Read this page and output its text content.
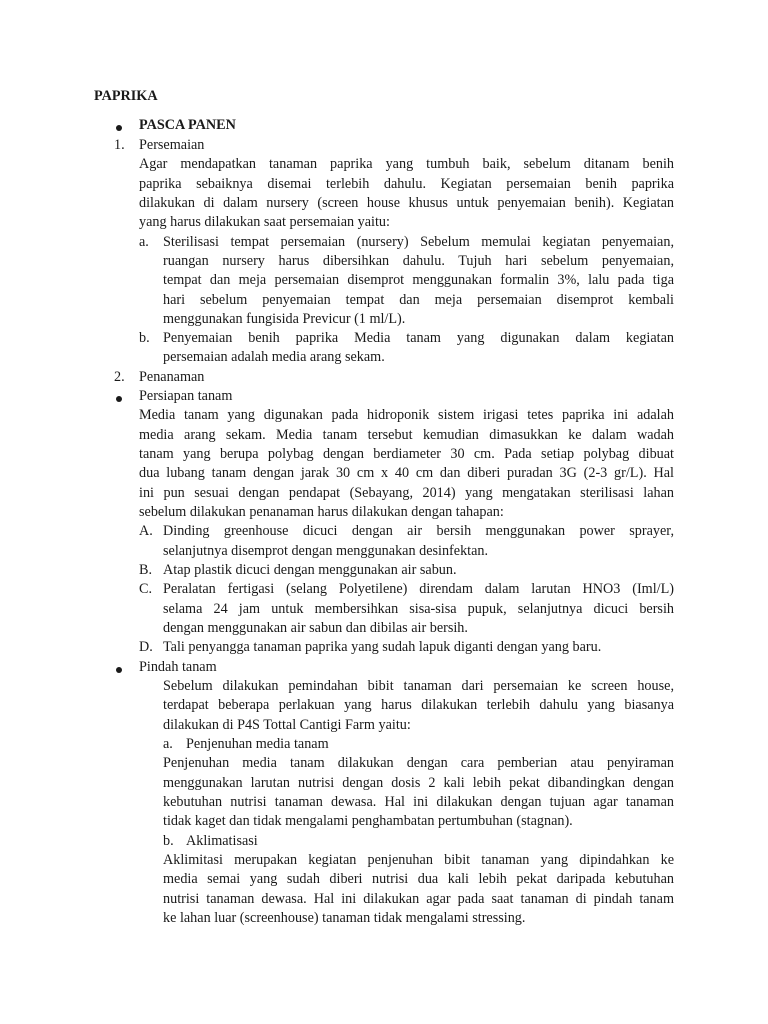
PAPRIKA
PASCA PANEN
1. Persemaian
Agar mendapatkan tanaman paprika yang tumbuh baik, sebelum ditanam benih
paprika sebaiknya disemai terlebih dahulu. Kegiatan persemaian benih paprika
dilakukan di dalam nursery (screen house khusus untuk penyemaian benih). Kegiatan
yang harus dilakukan saat persemaian yaitu:
a. Sterilisasi tempat persemaian (nursery) Sebelum memulai kegiatan penyemaian,
ruangan nursery harus dibersihkan dahulu. Tujuh hari sebelum penyemaian,
tempat dan meja persemaian disemprot menggunakan formalin 3%, lalu pada tiga
hari sebelum penyemaian tempat dan meja persemaian disemprot kembali
menggunakan fungisida Previcur (1 ml/L).
b. Penyemaian benih paprika Media tanam yang digunakan dalam kegiatan
persemaian adalah media arang sekam.
2. Penanaman
Persiapan tanam
Media tanam yang digunakan pada hidroponik sistem irigasi tetes paprika ini adalah
media arang sekam. Media tanam tersebut kemudian dimasukkan ke dalam wadah
tanam yang berupa polybag dengan berdiameter 30 cm. Pada setiap polybag dibuat
dua lubang tanam dengan jarak 30 cm x 40 cm dan diberi puradan 3G (2-3 gr/L). Hal
ini pun sesuai dengan pendapat (Sebayang, 2014) yang mengatakan sterilisasi lahan
sebelum dilakukan penanaman harus dilakukan dengan tahapan:
A. Dinding greenhouse dicuci dengan air bersih menggunakan power sprayer,
selanjutnya disemprot dengan menggunakan desinfektan.
B. Atap plastik dicuci dengan menggunakan air sabun.
C. Peralatan fertigasi (selang Polyetilene) direndam dalam larutan HNO3 (Iml/L)
selama 24 jam untuk membersihkan sisa-sisa pupuk, selanjutnya dicuci bersih
dengan menggunakan air sabun dan dibilas air bersih.
D. Tali penyangga tanaman paprika yang sudah lapuk diganti dengan yang baru.
Pindah tanam
Sebelum dilakukan pemindahan bibit tanaman dari persemaian ke screen house,
terdapat beberapa perlakuan yang harus dilakukan terlebih dahulu yang biasanya
dilakukan di P4S Tottal Cantigi Farm yaitu:
a. Penjenuhan media tanam
Penjenuhan media tanam dilakukan dengan cara pemberian atau penyiraman
menggunakan larutan nutrisi dengan dosis 2 kali lebih pekat dibandingkan dengan
kebutuhan nutrisi tanaman dewasa. Hal ini dilakukan dengan tujuan agar tanaman
tidak kaget dan tidak mengalami penghambatan pertumbuhan (stagnan).
b. Aklimatisasi
Aklimitasi merupakan kegiatan penjenuhan bibit tanaman yang dipindahkan ke
media semai yang sudah diberi nutrisi dua kali lebih pekat daripada kebutuhan
nutrisi tanaman dewasa. Hal ini dilakukan agar pada saat tanaman di pindah tanam
ke lahan luar (screenhouse) tanaman tidak mengalami stressing.
